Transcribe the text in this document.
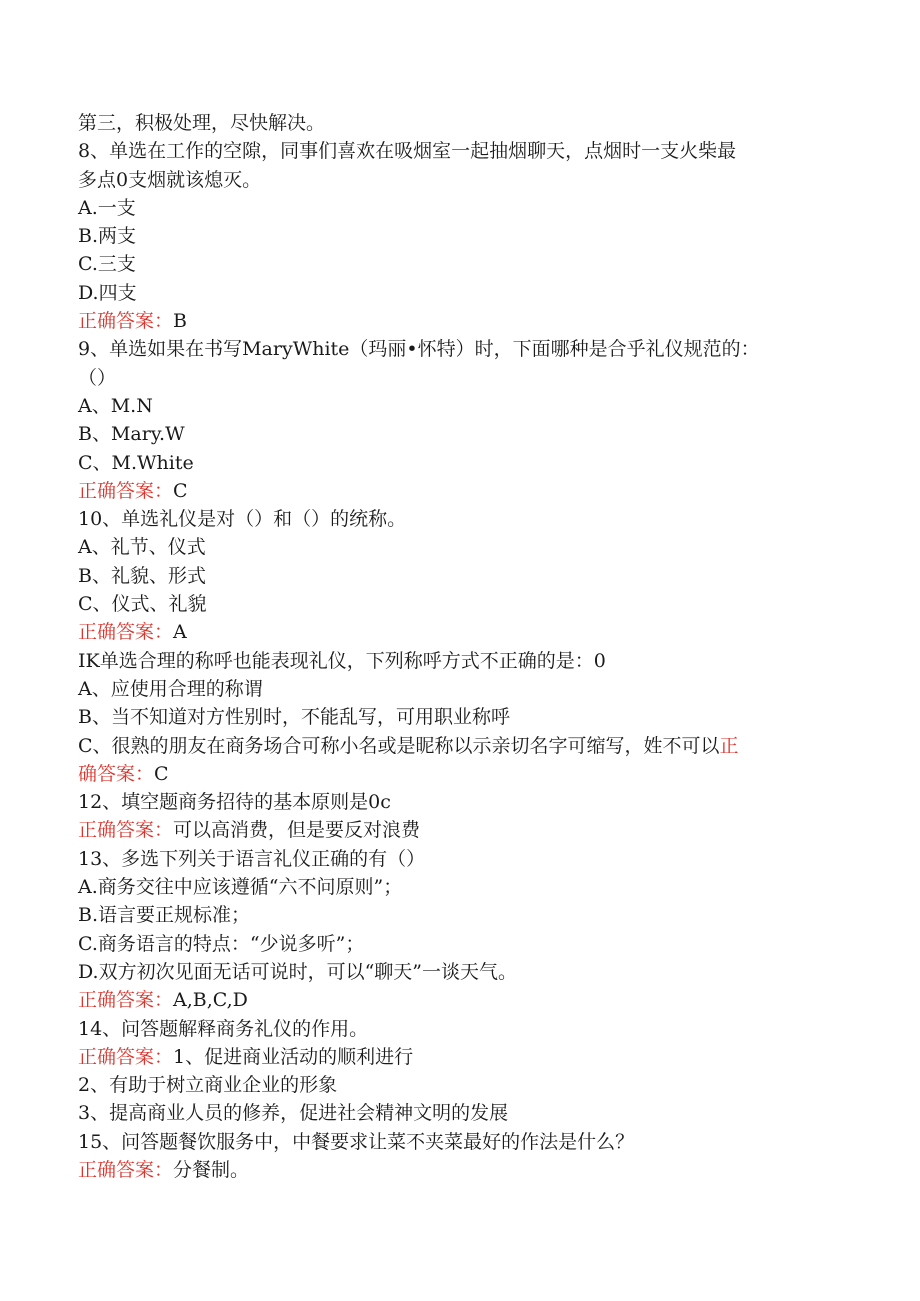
第三，积极处理，尽快解决。
8、单选在工作的空隙，同事们喜欢在吸烟室一起抽烟聊天，点烟时一支火柴最
多点0支烟就该熄灭。
A.一支
B.两支
C.三支
D.四支
正确答案：B
9、单选如果在书写MaryWhite（玛丽•怀特）时，下面哪种是合乎礼仪规范的：
（）
A、M.N
B、Mary.W
C、M.White
正确答案：C
10、单选礼仪是对（）和（）的统称。
A、礼节、仪式
B、礼貌、形式
C、仪式、礼貌
正确答案：A
IK单选合理的称呼也能表现礼仪，下列称呼方式不正确的是：0
A、应使用合理的称谓
B、当不知道对方性别时，不能乱写，可用职业称呼
C、很熟的朋友在商务场合可称小名或是昵称以示亲切名字可缩写，姓不可以正
确答案：C
12、填空题商务招待的基本原则是0c
正确答案：可以高消费，但是要反对浪费
13、多选下列关于语言礼仪正确的有（）
A.商务交往中应该遵循“六不问原则”；
B.语言要正规标准；
C.商务语言的特点：“少说多听”；
D.双方初次见面无话可说时，可以“聊天”一谈天气。
正确答案：A,B,C,D
14、问答题解释商务礼仪的作用。
正确答案：1、促进商业活动的顺利进行
2、有助于树立商业企业的形象
3、提高商业人员的修养，促进社会精神文明的发展
15、问答题餐饮服务中，中餐要求让菜不夹菜最好的作法是什么？
正确答案：分餐制。
